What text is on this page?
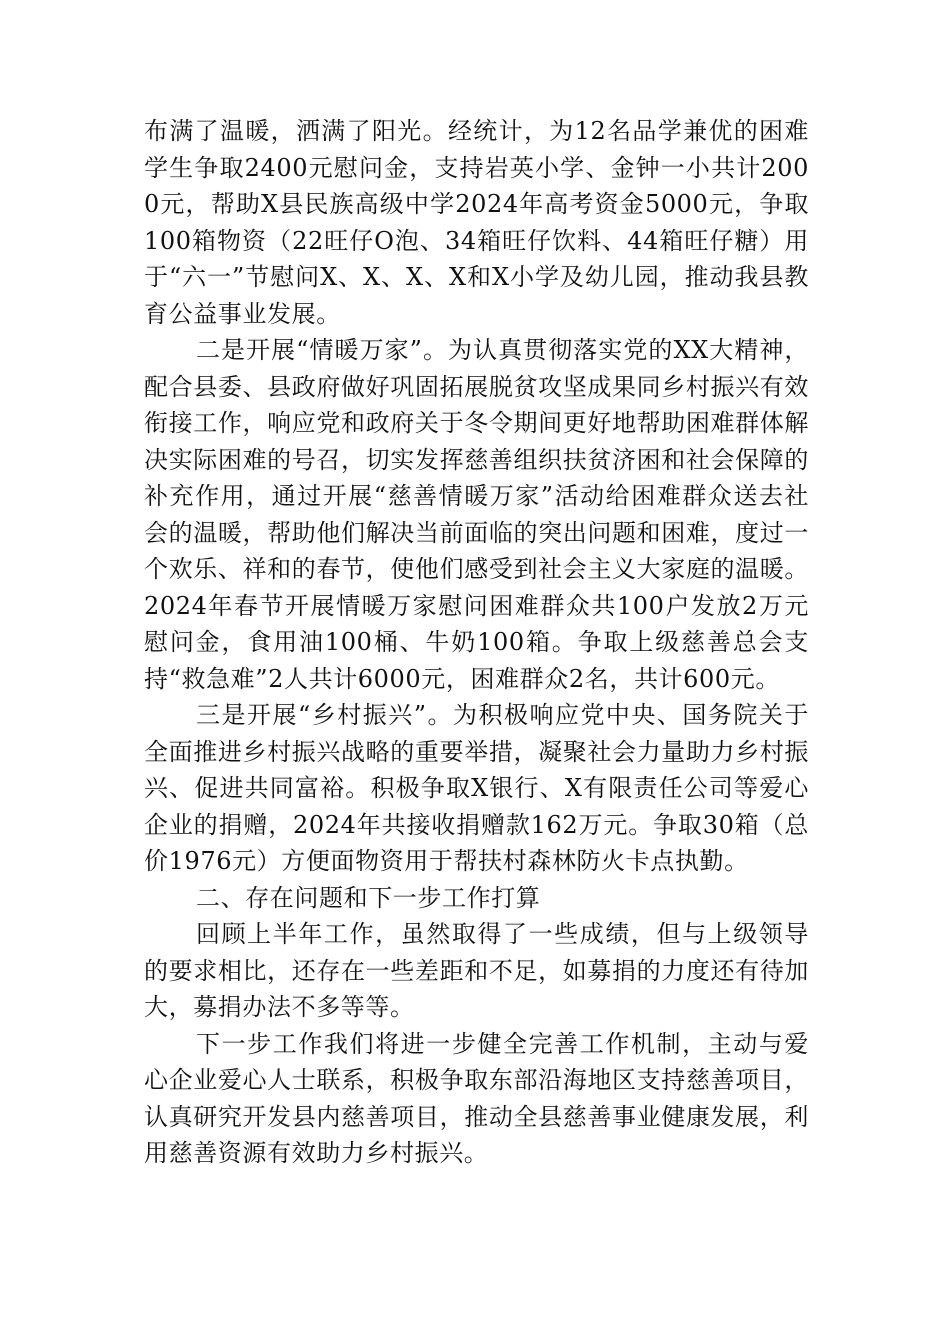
布满了温暖，洒满了阳光。经统计，为12名品学兼优的困难学生争取2400元慰问金，支持岩英小学、金钟一小共计2000元，帮助X县民族高级中学2024年高考资金5000元，争取100箱物资（22旺仔O泡、34箱旺仔饮料、44箱旺仔糖）用于“六一”节慰问X、X、X、X和X小学及幼儿园，推动我县教育公益事业发展。

二是开展“情暖万家”。为认真贯彻落实党的XX大精神，配合县委、县政府做好巩固拓展脱贫攻坚成果同乡村振兴有效衔接工作，响应党和政府关于冬令期间更好地帮助困难群体解决实际困难的号召，切实发挥慈善组织扶贫济困和社会保障的补充作用，通过开展“慈善情暖万家”活动给困难群众送去社会的温暖，帮助他们解决当前面临的突出问题和困难，度过一个欢乐、祥和的春节，使他们感受到社会主义大家庭的温暖。2024年春节开展情暖万家慰问困难群众共100户发放2万元慰问金，食用油100桶、牛奶100箱。争取上级慈善总会支持“救急难”2人共计6000元，困难群众2名，共计600元。

三是开展“乡村振兴”。为积极响应党中央、国务院关于全面推进乡村振兴战略的重要举措，凝聚社会力量助力乡村振兴、促进共同富裕。积极争取X银行、X有限责任公司等爱心企业的捐赠，2024年共接收捐赠款162万元。争取30箱（总价1976元）方便面物资用于帮扶村森林防火卡点执勤。

二、存在问题和下一步工作打算

回顾上半年工作，虽然取得了一些成绩，但与上级领导的要求相比，还存在一些差距和不足，如募捐的力度还有待加大，募捐办法不多等等。

下一步工作我们将进一步健全完善工作机制，主动与爱心企业爱心人士联系，积极争取东部沿海地区支持慈善项目，认真研究开发县内慈善项目，推动全县慈善事业健康发展，利用慈善资源有效助力乡村振兴。
